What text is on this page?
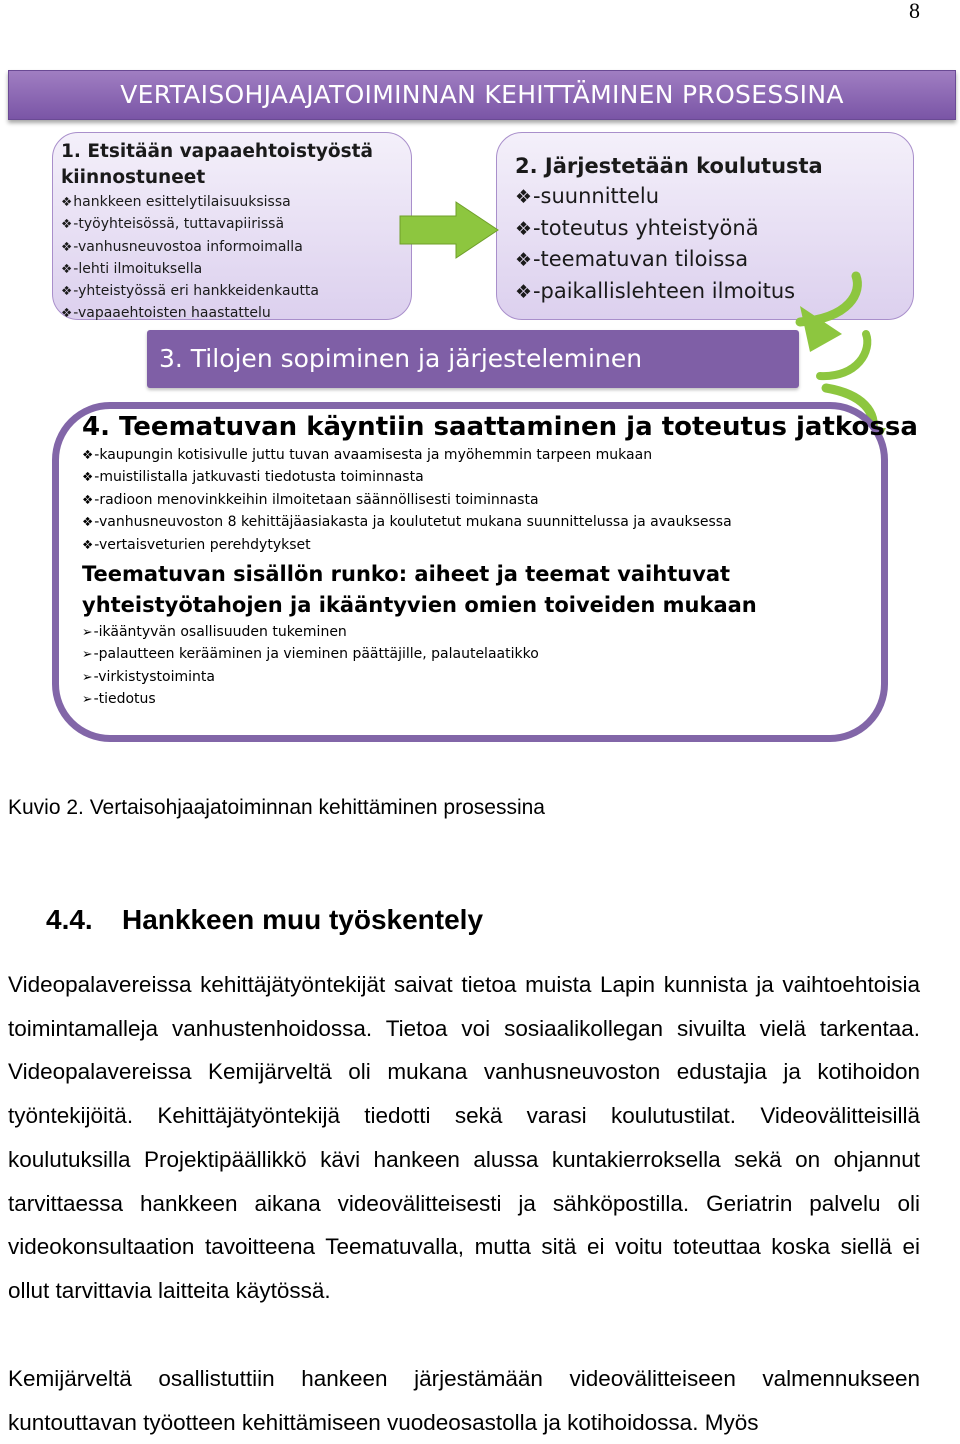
8
VERTAISOHJAAJATOIMINNAN KEHITTÄMINEN PROSESSINA
1. Etsitään vapaaehtoistyöstä
kiinnostuneet
❖hankkeen esittelytilaisuuksissa
❖-työyhteisössä, tuttavapiirissä
❖-vanhusneuvostoa informoimalla
❖-lehti ilmoituksella
❖-yhteistyössä eri hankkeidenkautta
❖-vapaaehtoisten haastattelu
2. Järjestetään koulutusta
❖-suunnittelu
❖-toteutus yhteistyönä
❖-teematuvan tiloissa
❖-paikallislehteen ilmoitus
3. Tilojen sopiminen ja järjesteleminen
4. Teematuvan käyntiin saattaminen ja toteutus jatkossa
❖-kaupungin kotisivulle juttu tuvan avaamisesta ja myöhemmin tarpeen mukaan
❖-muistilistalla jatkuvasti tiedotusta toiminnasta
❖-radioon menovinkkeihin ilmoitetaan säännöllisesti toiminnasta
❖-vanhusneuvoston 8 kehittäjäasiakasta ja koulutetut mukana suunnittelussa ja avauksessa
❖-vertaisveturien perehdytykset
Teematuvan sisällön runko: aiheet ja teemat vaihtuvat
yhteistyötahojen ja ikääntyvien omien toiveiden mukaan
➢-ikääntyvän osallisuuden tukeminen
➢-palautteen kerääminen ja vieminen päättäjille, palautelaatikko
➢-virkistystoiminta
➢-tiedotus
Kuvio 2. Vertaisohjaajatoiminnan kehittäminen prosessina
4.4. Hankkeen muu työskentely
Videopalavereissa kehittäjätyöntekijät saivat tietoa muista Lapin kunnista ja vaihtoehtoisia toimintamalleja vanhustenhoidossa. Tietoa voi sosiaalikollegan sivuilta vielä tarkentaa. Videopalavereissa Kemijärveltä oli mukana vanhusneuvoston edustajia ja kotihoidon työntekijöitä. Kehittäjätyöntekijä tiedotti sekä varasi koulutustilat. Videovälitteisillä koulutuksilla Projektipäällikkö kävi hankeen alussa kuntakierroksella sekä on ohjannut tarvittaessa hankkeen aikana videovälitteisesti ja sähköpostilla. Geriatrin palvelu oli videokonsultaation tavoitteena Teematuvalla, mutta sitä ei voitu toteuttaa koska siellä ei ollut tarvittavia laitteita käytössä.
Kemijärveltä osallistuttiin hankeen järjestämään videovälitteiseen valmennukseen kuntouttavan työotteen kehittämiseen vuodeosastolla ja kotihoidossa. Myös
